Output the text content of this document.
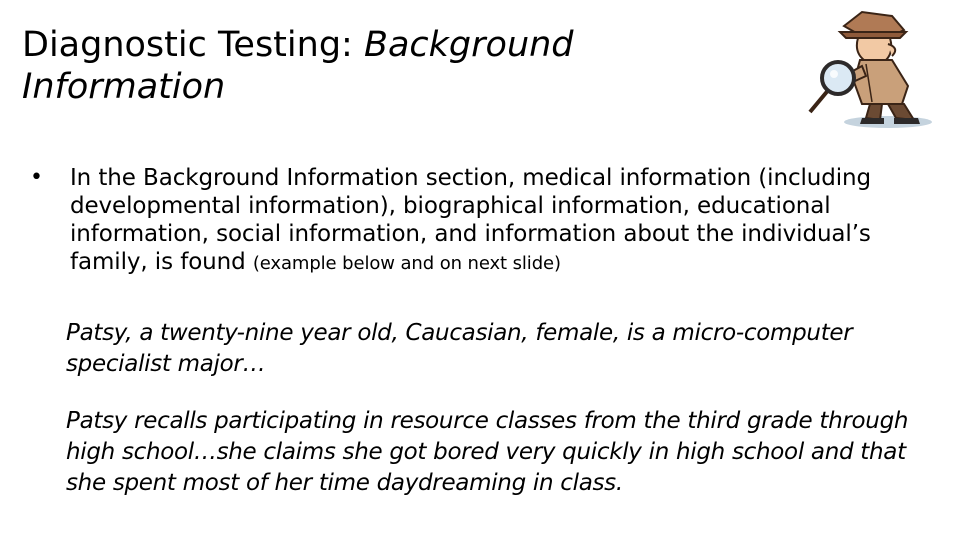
Diagnostic Testing: Background Information
•	In the Background Information section, medical information (including developmental information), biographical information, educational information, social information, and information about the individual’s family, is found (example below and on next slide)
Patsy, a twenty-nine year old, Caucasian, female, is a micro-computer specialist major…
Patsy recalls participating in resource classes from the third grade through high school…she claims she got bored very quickly in high school and that she spent most of her time daydreaming in class.
